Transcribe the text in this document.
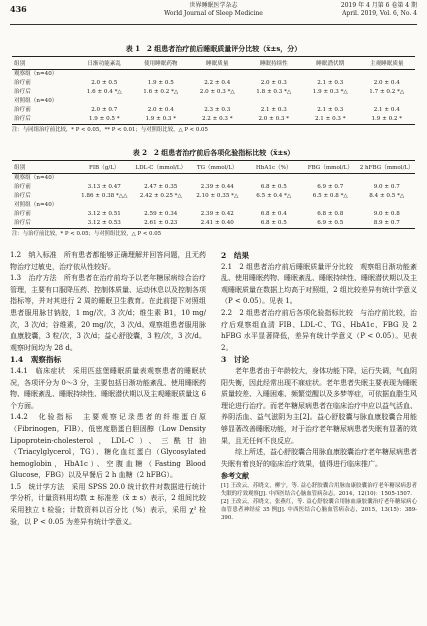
436	世界睡眠医学杂志
World Journal of Sleep Medicine
2019 年 4 月第 6 卷第 4 期
April. 2019, Vol. 6, No. 4
表 1　2 组患者治疗前后睡眠质量评分比较（x̄±s，分）
组别	日渐功能紊乱	使用睡眠药物	睡眠质量	睡眠持续性	睡眠潜伏期	主观睡眠质量
观察组（n=40）						
治疗前	2.0 ± 0.5	1.9 ± 0.5	2.2 ± 0.4	2.0 ± 0.3	2.1 ± 0.3	2.0 ± 0.4
治疗后	1.6 ± 0.4 *△	1.6 ± 0.2 *△	2.0 ± 0.3 *△	1.8 ± 0.3 *△	1.9 ± 0.3 *△	1.7 ± 0.2 *△
对照组（n=40）						
治疗前	2.0 ± 0.7	2.0 ± 0.4	2.3 ± 0.3	2.1 ± 0.3	2.1 ± 0.3	2.1 ± 0.4
治疗后	1.9 ± 0.5 *	1.9 ± 0.3 *	2.2 ± 0.3 *	2.0 ± 0.3 *	2.1 ± 0.3 *	1.9 ± 0.2 *
注：与同组治疗前比较，* P < 0.05，** P < 0.01；与对照组比较，△ P < 0.05
表 2　2 组患者治疗前后各项化验指标比较（x̄±s）
组别	FIB（g/L）	LDL-C（mmol/L）	TG（mmol/L）	HbA1c（%）	FBG（mmol/L）	2 hFBG（mmol/L）
观察组（n=40）						
治疗前	3.13 ± 0.47	2.47 ± 0.35	2.39 ± 0.44	6.8 ± 0.5	6.9 ± 0.7	9.0 ± 0.7
治疗后	1.86 ± 0.38 *△△	2.42 ± 0.25 *△	2.10 ± 0.35 *△	6.5 ± 0.4 *△	6.5 ± 0.8 *△	8.4 ± 0.5 *△
对照组（n=40）						
治疗前	3.12 ± 0.51	2.59 ± 0.34	2.39 ± 0.42	6.8 ± 0.4	6.8 ± 0.8	9.0 ± 0.8
治疗后	3.12 ± 0.53	2.61 ± 0.23	2.41 ± 0.40	6.8 ± 0.5	6.9 ± 0.5	8.9 ± 0.7
注：与治疗前比较，* P < 0.05；与对照组比较，△ P < 0.05

1.2　纳入标准　所有患者都能够正确理解并回答问题，且无药物治疗过敏史，治疗依从性较好。

1.3　治疗方法　所有患者在治疗前均予以老年糖尿病综合治疗管理，主要有口服降压药、控制体质量、运动休息以及控制各项指标等，并对其进行 2 周的睡眠卫生教育。在此前提下对照组患者服用脉甘钠胶，1 mg/次，3 次/d；维生素 B1，10 mg/次，3 次/d；谷维素，20 mg/次，3 次/d。观察组患者服用脉血康胶囊，3 粒/次，3 次/d；益心舒胶囊，3 粒/次，3 次/d。观察时间均为 28 d。

1.4　观察指标

1.4.1　临床症状　采用匹兹堡睡眠质量表观察患者的睡眠状况，各项评分为 0～3 分，主要包括日渐功能紊乱、使用睡眠药物、睡眠紊乱、睡眠持续性、睡眠潜伏期以及主观睡眠质量这 6 个方面。

1.4.2　化验指标　主要观察记录患者的纤维蛋白原（Fibrinogen，FIB）、低密度脂蛋白胆固醇（Low Density Lipoprotein-cholesterol，LDL-C）、三酰甘油（Triacylglycerol，TG）、糖化血红蛋白（Glycosylated hemoglobin，HbA1c）、空腹血糖（Fasting Blood Glucose，FBG）以及早餐后 2 h 血糖（2 hFBG）。

1.5　统计学方法　采用 SPSS 20.0 统计软件对数据进行统计学分析，计量资料用均数 ± 标准差（x̄ ± s）表示，2 组间比较采用独立 t 检验；计数资料以百分比（%）表示，采用 χ² 检验，以 P < 0.05 为差异有统计学意义。

2　结果

2.1　2 组患者治疗前后睡眠质量评分比较　观察组日渐功能紊乱、使用睡眠药物、睡眠紊乱、睡眠持续性、睡眠潜伏期以及主观睡眠质量在数据上均高于对照组，2 组比较差异有统计学意义（P < 0.05）。见表 1。

2.2　2 组患者治疗前后各项化验指标比较　与治疗前比较，治疗后观察组血清 FIB、LDL-C、TG、HbA1c、FBG 及 2 hFBG 水平显著降低，差异有统计学意义（P < 0.05）。见表 2。

3　讨论

老年患者由于年龄较大，身体功能下降，运行失调，气血阴阳失衡，因此经常出现不寐症状。老年患者失眠主要表现为睡眠质量较差、入睡困难、频繁觉醒以及多梦等症，可依据血脂生风理论进行治疗。而老年糖尿病患者在临床治疗中应以益气活血、养阴活血、益气滋阴为主[2]。益心舒胶囊与脉血康胶囊合用能够显著改善睡眠功能，对于治疗老年糖尿病患者失眠有显著的效果，且无任何不良反应。

综上所述，益心舒胶囊合用脉血康胶囊治疗老年糖尿病患者失眠有着良好的临床治疗效果，值得进行临床推广。

参考文献

[1] 王改云，苏晓文，柳宁，等. 益心舒胶囊合用脉血康胶囊治疗老年糖尿病患者失眠的疗效观察[J]. 中西医结合心脑血管病杂志，2014，12(10)：1505-1507.

[2] 王改云，苏晓文，张燕红，等. 益心舒胶囊合用脉血康胶囊治疗老年糖尿病心血管患者神经症 35 例[J]. 中西医结合心脑血管病杂志，2015，13(15)：389-390.
